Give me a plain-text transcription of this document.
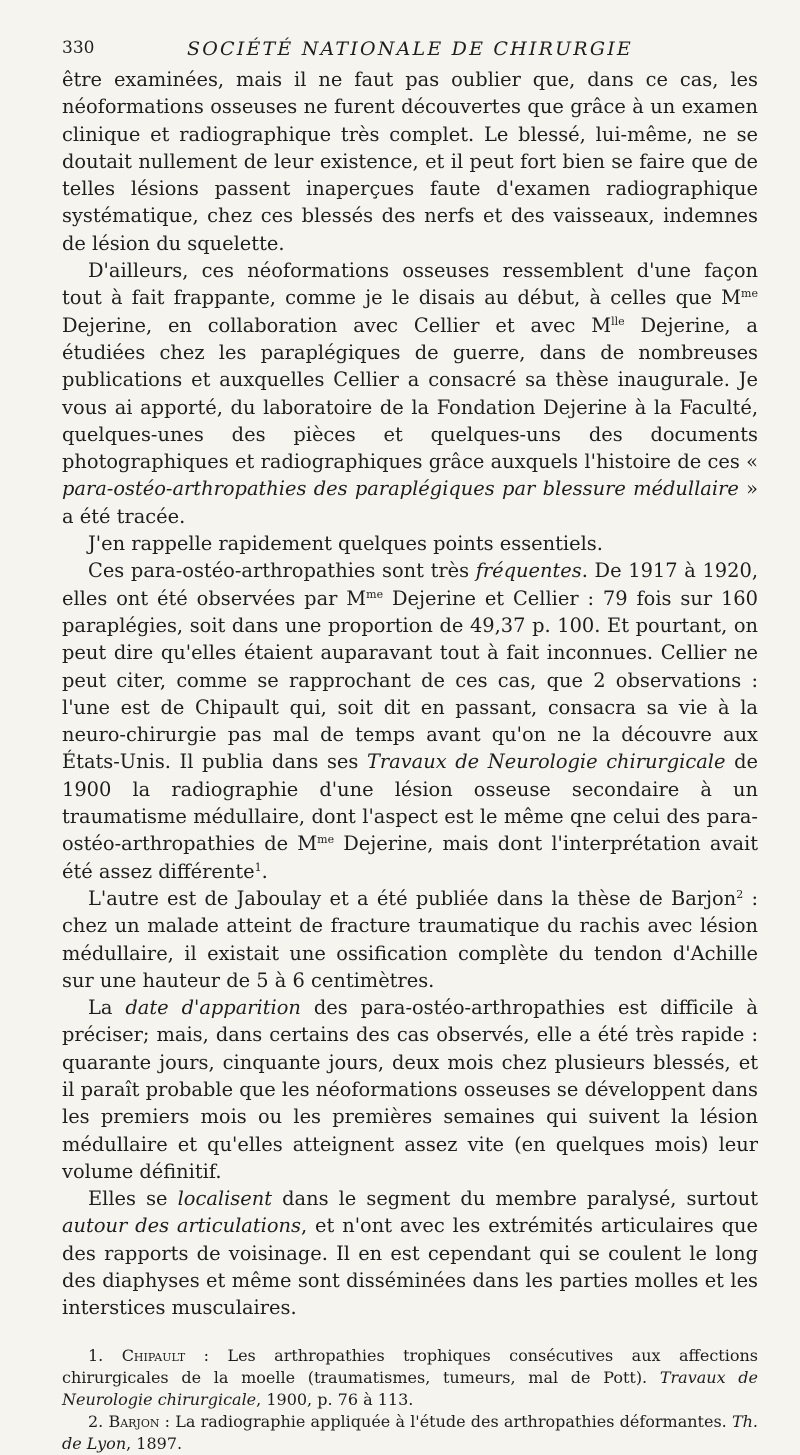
330	SOCIÉTÉ NATIONALE DE CHIRURGIE

être examinées, mais il ne faut pas oublier que, dans ce cas, les néoformations osseuses ne furent découvertes que grâce à un examen clinique et radiographique très complet. Le blessé, lui-même, ne se doutait nullement de leur existence, et il peut fort bien se faire que de telles lésions passent inaperçues faute d'examen radiographique systématique, chez ces blessés des nerfs et des vaisseaux, indemnes de lésion du squelette.

D'ailleurs, ces néoformations osseuses ressemblent d'une façon tout à fait frappante, comme je le disais au début, à celles que $M^{me}$ Dejerine, en collaboration avec Cellier et avec $M^{lle}$ Dejerine, a étudiées chez les paraplégiques de guerre, dans de nombreuses publications et auxquelles Cellier a consacré sa thèse inaugurale. Je vous ai apporté, du laboratoire de la Fondation Dejerine à la Faculté, quelques-unes des pièces et quelques-uns des documents photographiques et radiographiques grâce auxquels l'histoire de ces « para-ostéo-arthropathies des paraplégiques par blessure médullaire » a été tracée.

J'en rappelle rapidement quelques points essentiels.

Ces para-ostéo-arthropathies sont très fréquentes. De 1917 à 1920, elles ont été observées par $M^{me}$ Dejerine et Cellier : 79 fois sur 160 paraplégies, soit dans une proportion de 49,37 p. 100. Et pourtant, on peut dire qu'elles étaient auparavant tout à fait inconnues. Cellier ne peut citer, comme se rapprochant de ces cas, que 2 observations : l'une est de Chipault qui, soit dit en passant, consacra sa vie à la neuro-chirurgie pas mal de temps avant qu'on ne la découvre aux États-Unis. Il publia dans ses Travaux de Neurologie chirurgicale de 1900 la radiographie d'une lésion osseuse secondaire à un traumatisme médullaire, dont l'aspect est le même qne celui des para-ostéo-arthropathies de $M^{me}$ Dejerine, mais dont l'interprétation avait été assez différente$^1$.

L'autre est de Jaboulay et a été publiée dans la thèse de Barjon$^2$ : chez un malade atteint de fracture traumatique du rachis avec lésion médullaire, il existait une ossification complète du tendon d'Achille sur une hauteur de 5 à 6 centimètres.

La date d'apparition des para-ostéo-arthropathies est difficile à préciser; mais, dans certains des cas observés, elle a été très rapide : quarante jours, cinquante jours, deux mois chez plusieurs blessés, et il paraît probable que les néoformations osseuses se développent dans les premiers mois ou les premières semaines qui suivent la lésion médullaire et qu'elles atteignent assez vite (en quelques mois) leur volume définitif.

Elles se localisent dans le segment du membre paralysé, surtout autour des articulations, et n'ont avec les extrémités articulaires que des rapports de voisinage. Il en est cependant qui se coulent le long des diaphyses et même sont disséminées dans les parties molles et les interstices musculaires.

1. Chipault : Les arthropathies trophiques consécutives aux affections chirurgicales de la moelle (traumatismes, tumeurs, mal de Pott). Travaux de Neurologie chirurgicale, 1900, p. 76 à 113.

2. Barjon : La radiographie appliquée à l'étude des arthropathies déformantes. Th. de Lyon, 1897.
